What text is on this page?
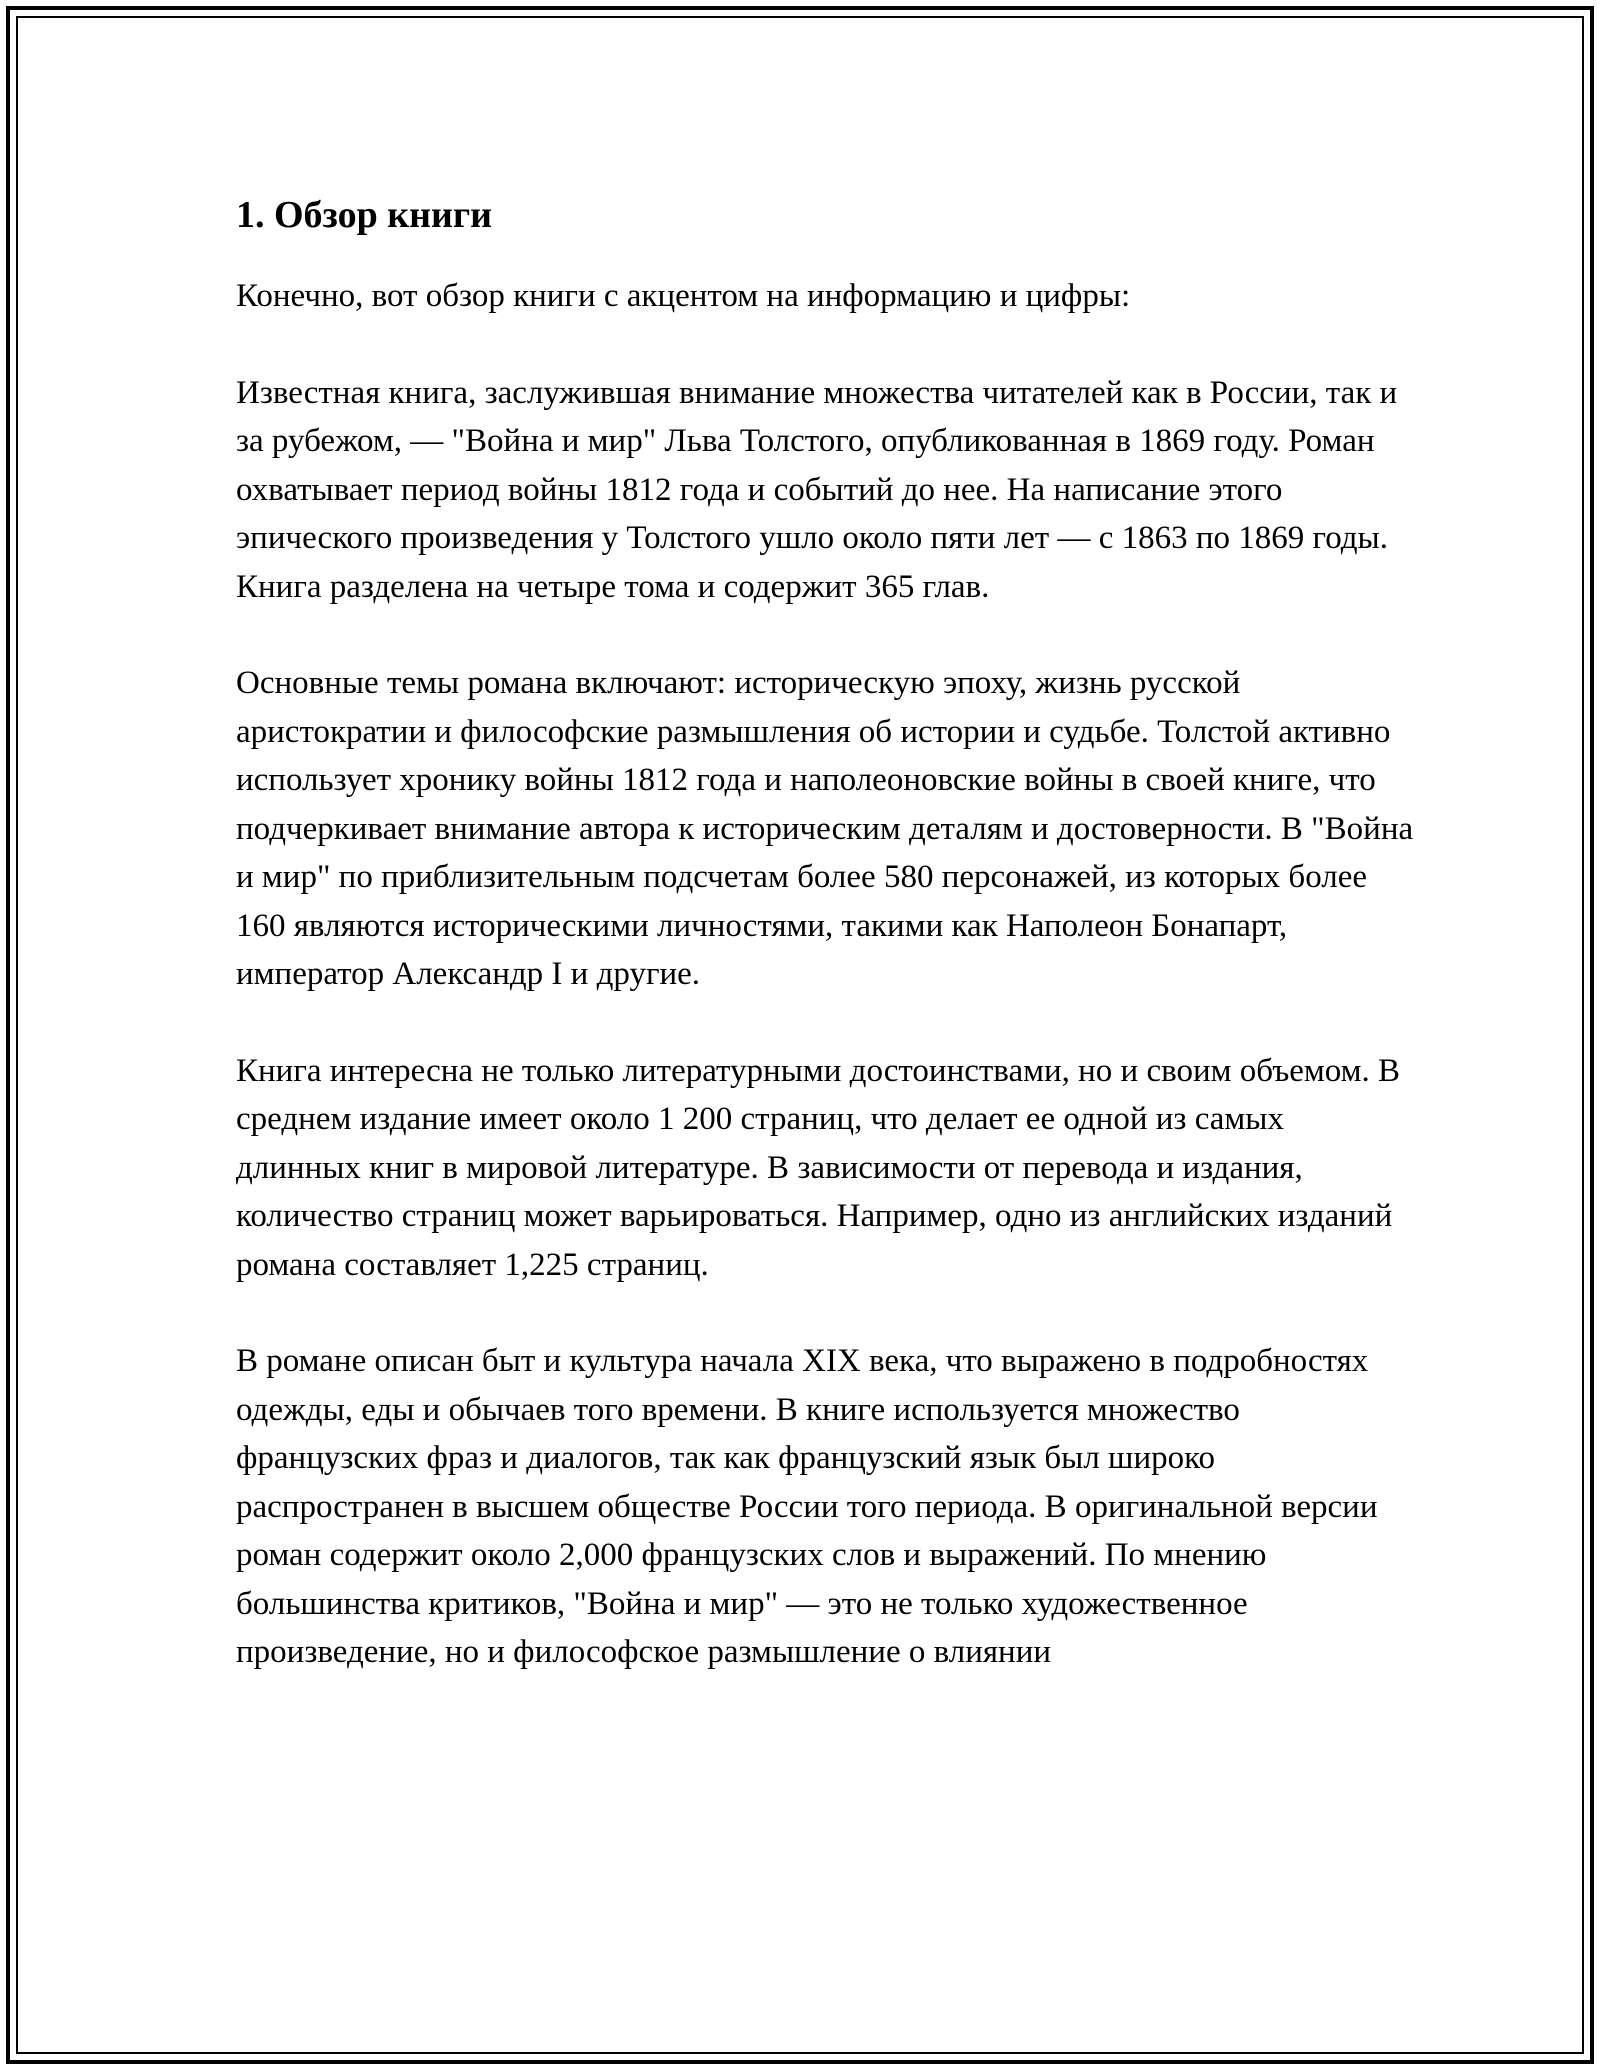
1. Обзор книги

Конечно, вот обзор книги с акцентом на информацию и цифры:

Известная книга, заслужившая внимание множества читателей как в России, так и за рубежом, — "Война и мир" Льва Толстого, опубликованная в 1869 году. Роман охватывает период войны 1812 года и событий до нее. На написание этого эпического произведения у Толстого ушло около пяти лет — с 1863 по 1869 годы. Книга разделена на четыре тома и содержит 365 глав.

Основные темы романа включают: историческую эпоху, жизнь русской аристократии и философские размышления об истории и судьбе. Толстой активно использует хронику войны 1812 года и наполеоновские войны в своей книге, что подчеркивает внимание автора к историческим деталям и достоверности. В "Война и мир" по приблизительным подсчетам более 580 персонажей, из которых более 160 являются историческими личностями, такими как Наполеон Бонапарт, император Александр I и другие.

Книга интересна не только литературными достоинствами, но и своим объемом. В среднем издание имеет около 1 200 страниц, что делает ее одной из самых длинных книг в мировой литературе. В зависимости от перевода и издания, количество страниц может варьироваться. Например, одно из английских изданий романа составляет 1,225 страниц.

В романе описан быт и культура начала XIX века, что выражено в подробностях одежды, еды и обычаев того времени. В книге используется множество французских фраз и диалогов, так как французский язык был широко распространен в высшем обществе России того периода. В оригинальной версии роман содержит около 2,000 французских слов и выражений. По мнению большинства критиков, "Война и мир" — это не только художественное произведение, но и философское размышление о влиянии
